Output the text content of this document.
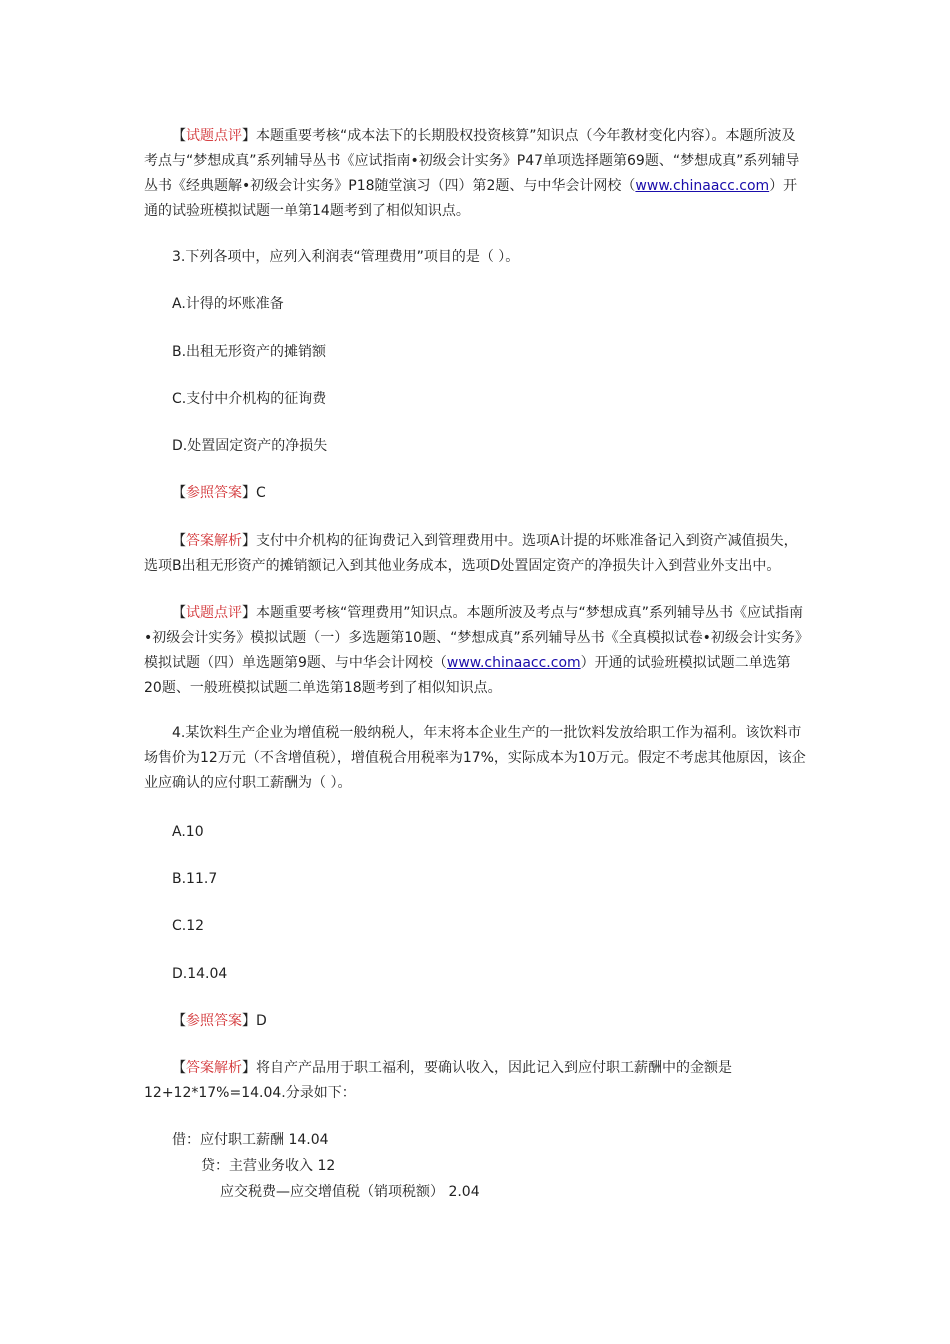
【试题点评】本题重要考核“成本法下的长期股权投资核算”知识点（今年教材变化内容）。本题所波及考点与“梦想成真”系列辅导丛书《应试指南•初级会计实务》P47单项选择题第69题、“梦想成真”系列辅导丛书《经典题解•初级会计实务》P18随堂演习（四）第2题、与中华会计网校（www.chinaacc.com）开通的试验班模拟试题一单第14题考到了相似知识点。

3.下列各项中，应列入利润表“管理费用”项目的是（ ）。

A.计得的坏账准备

B.出租无形资产的摊销额

C.支付中介机构的征询费

D.处置固定资产的净损失

【参照答案】C

【答案解析】支付中介机构的征询费记入到管理费用中。选项A计提的坏账准备记入到资产减值损失，选项B出租无形资产的摊销额记入到其他业务成本，选项D处置固定资产的净损失计入到营业外支出中。

【试题点评】本题重要考核“管理费用”知识点。本题所波及考点与“梦想成真”系列辅导丛书《应试指南•初级会计实务》模拟试题（一）多选题第10题、“梦想成真”系列辅导丛书《全真模拟试卷•初级会计实务》模拟试题（四）单选题第9题、与中华会计网校（www.chinaacc.com）开通的试验班模拟试题二单选第20题、一般班模拟试题二单选第18题考到了相似知识点。

4.某饮料生产企业为增值税一般纳税人，年末将本企业生产的一批饮料发放给职工作为福利。该饮料市场售价为12万元（不含增值税），增值税合用税率为17%，实际成本为10万元。假定不考虑其他原因，该企业应确认的应付职工薪酬为（ ）。

A.10

B.11.7

C.12

D.14.04

【参照答案】D

【答案解析】将自产产品用于职工福利，要确认收入，因此记入到应付职工薪酬中的金额是12+12*17%=14.04.分录如下：

借：应付职工薪酬 14.04

贷：主营业务收入 12

应交税费—应交增值税（销项税额） 2.04
